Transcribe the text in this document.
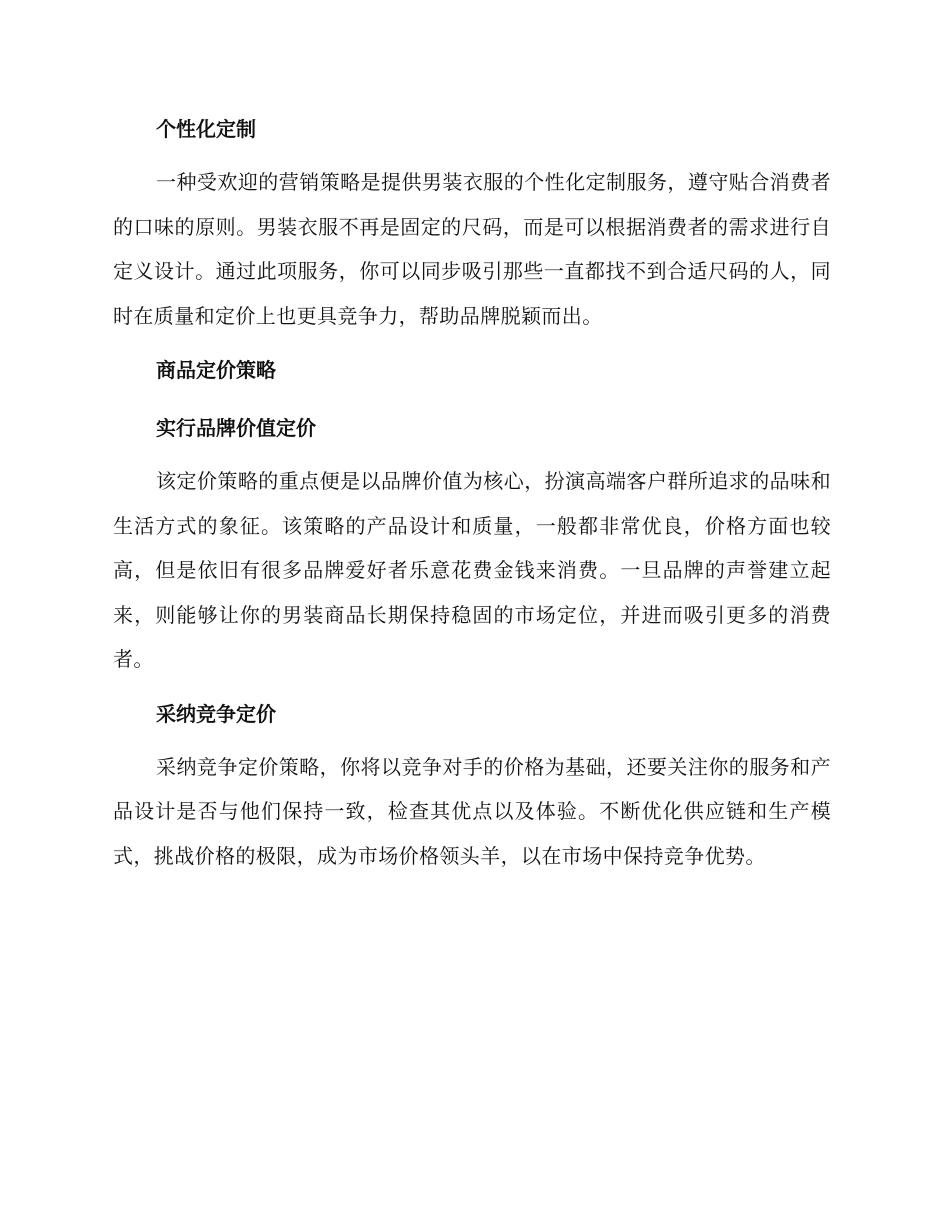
个性化定制

一种受欢迎的营销策略是提供男装衣服的个性化定制服务，遵守贴合消费者的口味的原则。男装衣服不再是固定的尺码，而是可以根据消费者的需求进行自定义设计。通过此项服务，你可以同步吸引那些一直都找不到合适尺码的人，同时在质量和定价上也更具竞争力，帮助品牌脱颖而出。

商品定价策略
实行品牌价值定价

该定价策略的重点便是以品牌价值为核心，扮演高端客户群所追求的品味和生活方式的象征。该策略的产品设计和质量，一般都非常优良，价格方面也较高，但是依旧有很多品牌爱好者乐意花费金钱来消费。一旦品牌的声誉建立起来，则能够让你的男装商品长期保持稳固的市场定位，并进而吸引更多的消费者。

采纳竞争定价

采纳竞争定价策略，你将以竞争对手的价格为基础，还要关注你的服务和产品设计是否与他们保持一致，检查其优点以及体验。不断优化供应链和生产模式，挑战价格的极限，成为市场价格领头羊，以在市场中保持竞争优势。
